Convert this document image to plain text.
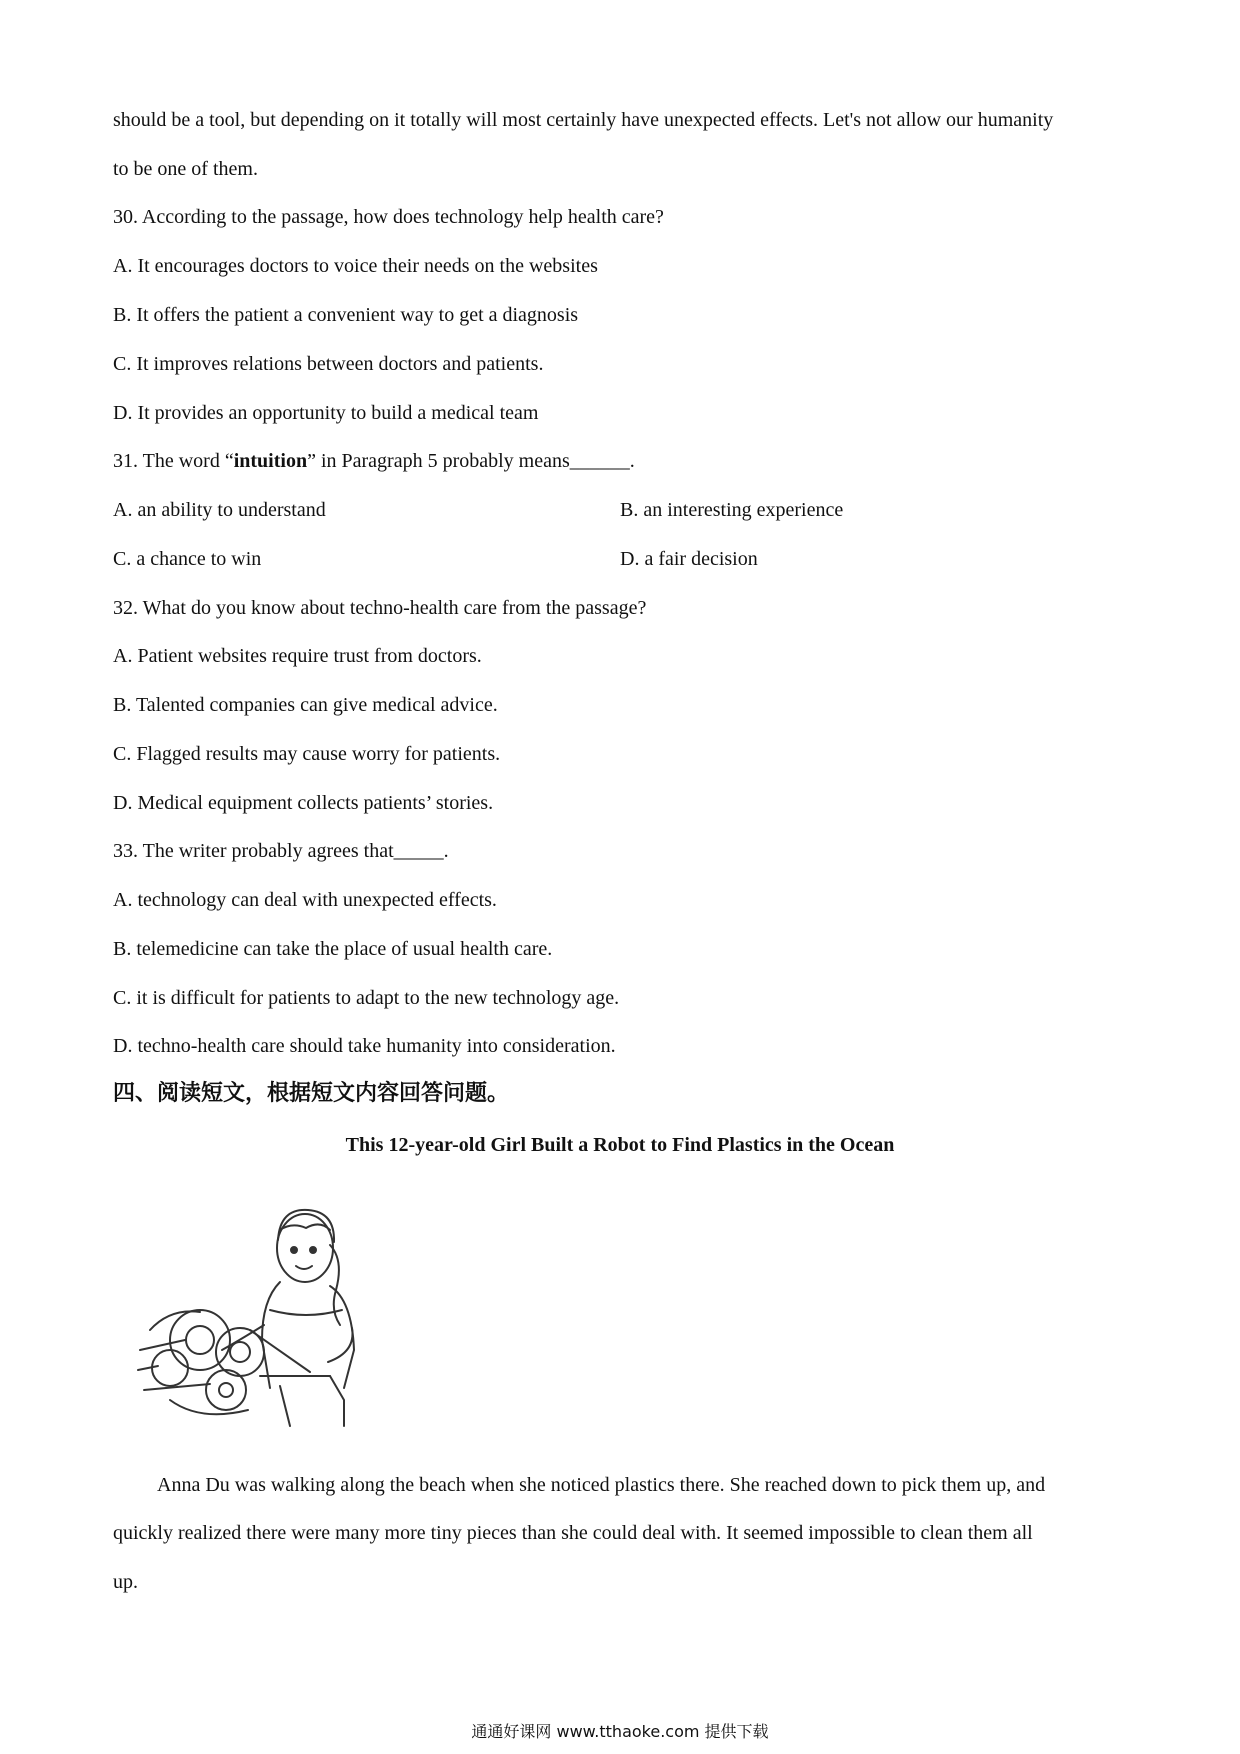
should be a tool, but depending on it totally will most certainly have unexpected effects. Let's not allow our humanity
to be one of them.
30. According to the passage, how does technology help health care?
A. It encourages doctors to voice their needs on the websites
B. It offers the patient a convenient way to get a diagnosis
C. It improves relations between doctors and patients.
D. It provides an opportunity to build a medical team
31. The word “intuition” in Paragraph 5 probably means______.
A. an ability to understand	B. an interesting experience
C. a chance to win	D. a fair decision
32. What do you know about techno-health care from the passage?
A. Patient websites require trust from doctors.
B. Talented companies can give medical advice.
C. Flagged results may cause worry for patients.
D. Medical equipment collects patients’ stories.
33. The writer probably agrees that_____.
A. technology can deal with unexpected effects.
B. telemedicine can take the place of usual health care.
C. it is difficult for patients to adapt to the new technology age.
D. techno-health care should take humanity into consideration.
四、阅读短文，根据短文内容回答问题。
This 12-year-old Girl Built a Robot to Find Plastics in the Ocean
Anna Du was walking along the beach when she noticed plastics there. She reached down to pick them up, and
quickly realized there were many more tiny pieces than she could deal with. It seemed impossible to clean them all
up.
通通好课网 www.tthaoke.com 提供下载
